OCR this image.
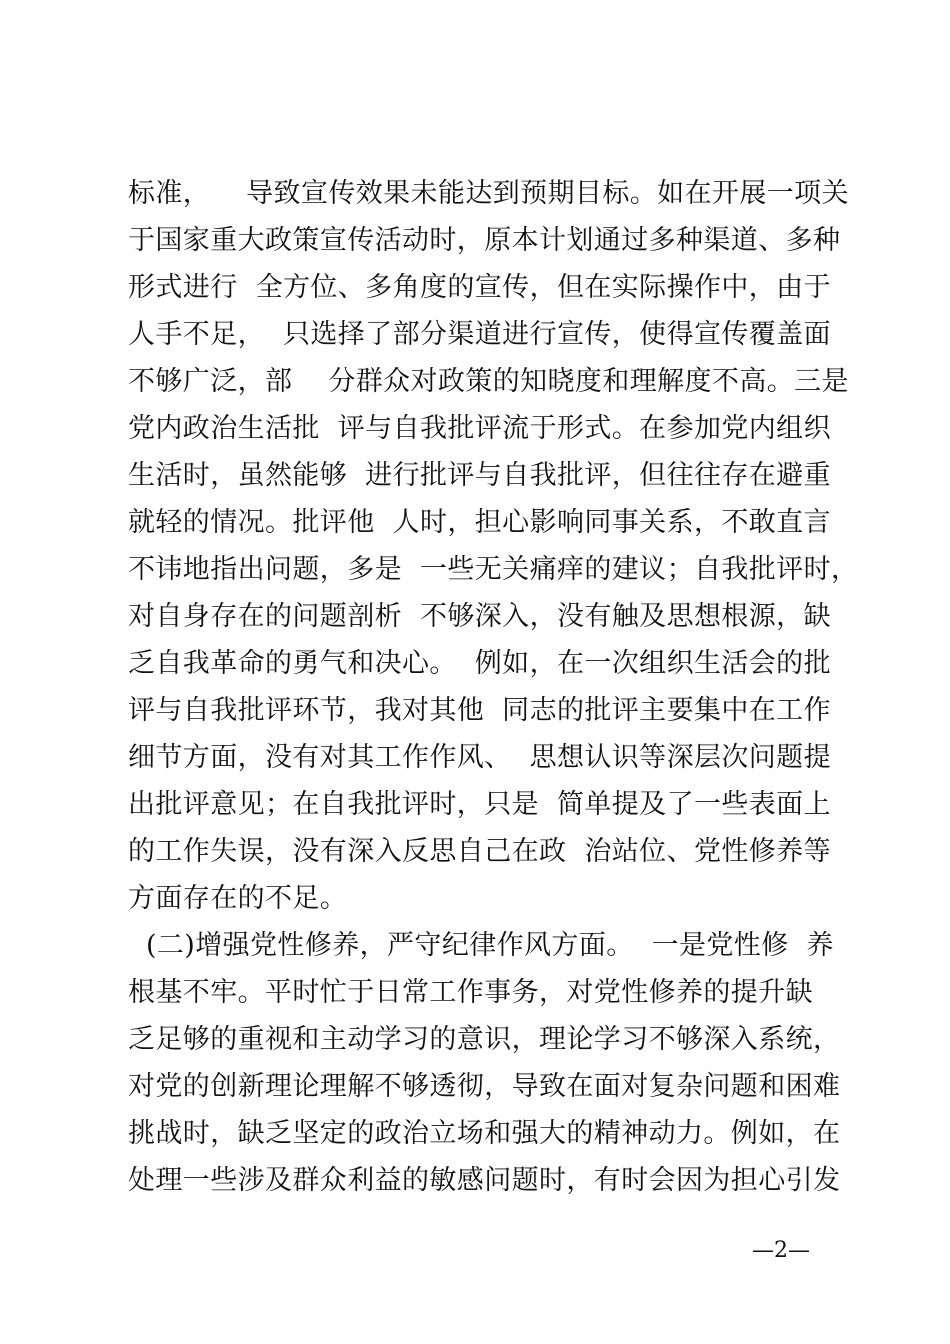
标准，    导致宣传效果未能达到预期目标。如在开展一项关
于国家重大政策宣传活动时，原本计划通过多种渠道、多种
形式进行  全方位、多角度的宣传，但在实际操作中，由于
人手不足，  只选择了部分渠道进行宣传，使得宣传覆盖面
不够广泛，部    分群众对政策的知晓度和理解度不高。三是
党内政治生活批  评与自我批评流于形式。在参加党内组织
生活时，虽然能够  进行批评与自我批评，但往往存在避重
就轻的情况。批评他  人时，担心影响同事关系，不敢直言
不讳地指出问题，多是  一些无关痛痒的建议；自我批评时，
对自身存在的问题剖析  不够深入，没有触及思想根源，缺
乏自我革命的勇气和决心。  例如，在一次组织生活会的批
评与自我批评环节，我对其他  同志的批评主要集中在工作
细节方面，没有对其工作作风、  思想认识等深层次问题提
出批评意见；在自我批评时，只是  简单提及了一些表面上
的工作失误，没有深入反思自己在政  治站位、党性修养等
方面存在的不足。
(二)增强党性修养，严守纪律作风方面。  一是党性修  养
根基不牢。平时忙于日常工作事务，对党性修养的提升缺
乏足够的重视和主动学习的意识，理论学习不够深入系统，
对党的创新理论理解不够透彻，导致在面对复杂问题和困难
挑战时，缺乏坚定的政治立场和强大的精神动力。例如，在
处理一些涉及群众利益的敏感问题时，有时会因为担心引发
—2—
